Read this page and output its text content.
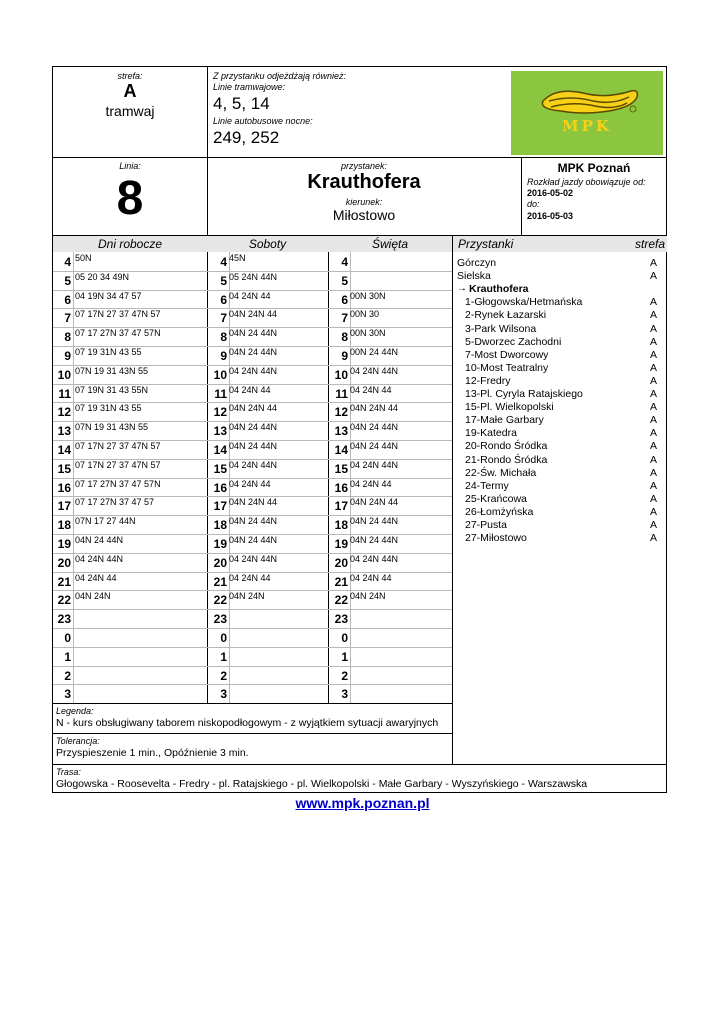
strefa:
A
tramwaj
Z przystanku odjeżdżają również:
Linie tramwajowe:
4, 5, 14
Linie autobusowe nocne:
249, 252
MPK
Linia:
8
przystanek:
Krauthofera
kierunek:
Miłostowo
MPK Poznań
Rozkład jazdy obowiązuje od:
2016-05-02
do:
2016-05-03
Dni robocze	Soboty	Święta	Przystanki	strefa
4 50N	4 45N	4
5 05 20 34 49N	5 05 24N 44N	5
6 04 19N 34 47 57	6 04 24N 44	6 00N 30N
7 07 17N 27 37 47N 57	7 04N 24N 44	7 00N 30
8 07 17 27N 37 47 57N	8 04N 24 44N	8 00N 30N
9 07 19 31N 43 55	9 04N 24 44N	9 00N 24 44N
10 07N 19 31 43N 55	10 04 24N 44N	10 04 24N 44N
11 07 19N 31 43 55N	11 04 24N 44	11 04 24N 44
12 07 19 31N 43 55	12 04N 24N 44	12 04N 24N 44
13 07N 19 31 43N 55	13 04N 24 44N	13 04N 24 44N
14 07 17N 27 37 47N 57	14 04N 24 44N	14 04N 24 44N
15 07 17N 27 37 47N 57	15 04 24N 44N	15 04 24N 44N
16 07 17 27N 37 47 57N	16 04 24N 44	16 04 24N 44
17 07 17 27N 37 47 57	17 04N 24N 44	17 04N 24N 44
18 07N 17 27 44N	18 04N 24 44N	18 04N 24 44N
19 04N 24 44N	19 04N 24 44N	19 04N 24 44N
20 04 24N 44N	20 04 24N 44N	20 04 24N 44N
21 04 24N 44	21 04 24N 44	21 04 24N 44
22 04N 24N	22 04N 24N	22 04N 24N
23	23	23
0	0	0
1	1	1
2	2	2
3	3	3
Górczyn	A
Sielska	A
→ Krauthofera
1-Głogowska/Hetmańska	A
2-Rynek Łazarski	A
3-Park Wilsona	A
5-Dworzec Zachodni	A
7-Most Dworcowy	A
10-Most Teatralny	A
12-Fredry	A
13-Pl. Cyryla Ratajskiego	A
15-Pl. Wielkopolski	A
17-Małe Garbary	A
19-Katedra	A
20-Rondo Śródka	A
21-Rondo Śródka	A
22-Św. Michała	A
24-Termy	A
25-Krańcowa	A
26-Łomżyńska	A
27-Pusta	A
27-Miłostowo	A
Legenda:
N - kurs obsługiwany taborem niskopodłogowym - z wyjątkiem sytuacji awaryjnych
Tolerancja:
Przyspieszenie 1 min., Opóźnienie 3 min.
Trasa:
Głogowska - Roosevelta - Fredry - pl. Ratajskiego - pl. Wielkopolski - Małe Garbary - Wyszyńskiego - Warszawska
www.mpk.poznan.pl
